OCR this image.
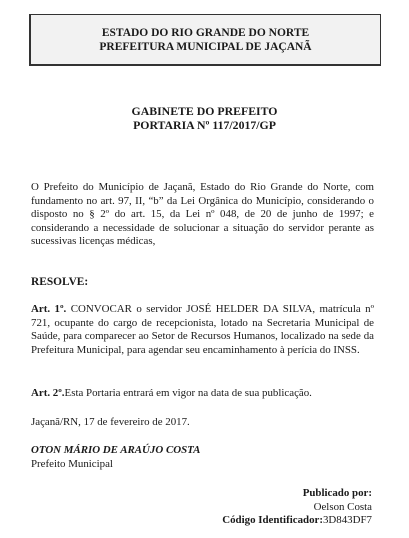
ESTADO DO RIO GRANDE DO NORTE
PREFEITURA MUNICIPAL DE JAÇANÃ
GABINETE DO PREFEITO
PORTARIA Nº 117/2017/GP
O Prefeito do Município de Jaçanã, Estado do Rio Grande do Norte, com fundamento no art. 97, II, “b” da Lei Orgânica do Município, considerando o disposto no § 2º do art. 15, da Lei nº 048, de 20 de junho de 1997; e considerando a necessidade de solucionar a situação do servidor perante as sucessivas licenças médicas,
RESOLVE:
Art. 1º. CONVOCAR o servidor JOSÉ HELDER DA SILVA, matrícula nº 721, ocupante do cargo de recepcionista, lotado na Secretaria Municipal de Saúde, para comparecer ao Setor de Recursos Humanos, localizado na sede da Prefeitura Municipal, para agendar seu encaminhamento à perícia do INSS.
Art. 2º.Esta Portaria entrará em vigor na data de sua publicação.
Jaçanã/RN, 17 de fevereiro de 2017.
OTON MÁRIO DE ARAÚJO COSTA
Prefeito Municipal
Publicado por:
Oelson Costa
Código Identificador:3D843DF7
